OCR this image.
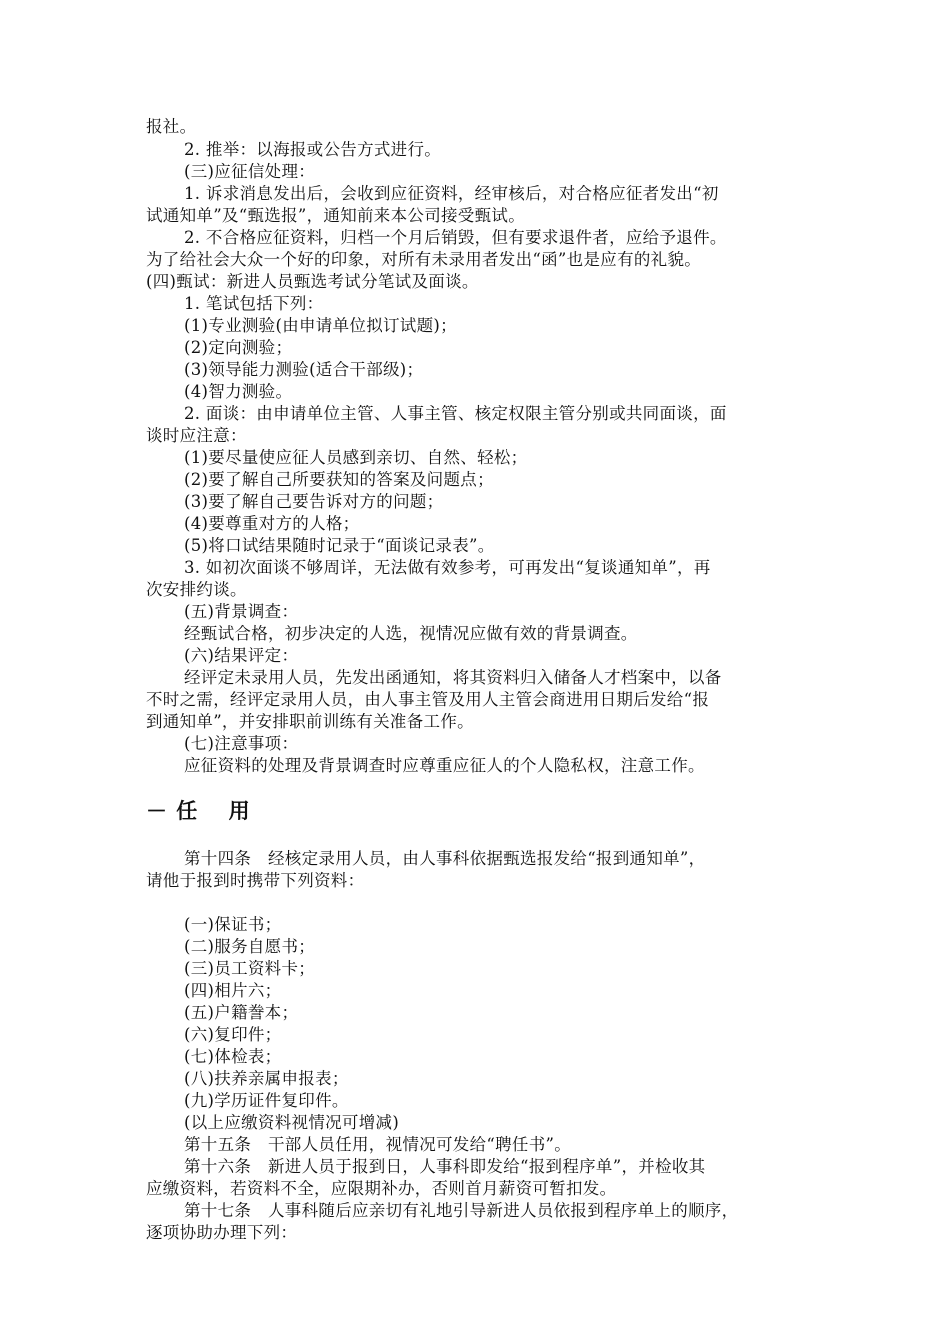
报社。
2. 推举：以海报或公告方式进行。
(三)应征信处理：
1. 诉求消息发出后，会收到应征资料，经审核后，对合格应征者发出“初
试通知单”及“甄选报”，通知前来本公司接受甄试。
2. 不合格应征资料，归档一个月后销毁，但有要求退件者，应给予退件。
为了给社会大众一个好的印象，对所有未录用者发出“函”也是应有的礼貌。
(四)甄试：新进人员甄选考试分笔试及面谈。
1. 笔试包括下列：
(1)专业测验(由申请单位拟订试题)；
(2)定向测验；
(3)领导能力测验(适合干部级)；
(4)智力测验。
2. 面谈：由申请单位主管、人事主管、核定权限主管分别或共同面谈，面
谈时应注意：
(1)要尽量使应征人员感到亲切、自然、轻松；
(2)要了解自己所要获知的答案及问题点；
(3)要了解自己要告诉对方的问题；
(4)要尊重对方的人格；
(5)将口试结果随时记录于“面谈记录表”。
3. 如初次面谈不够周详，无法做有效参考，可再发出“复谈通知单”，再
次安排约谈。
(五)背景调查：
经甄试合格，初步决定的人选，视情况应做有效的背景调查。
(六)结果评定：
经评定未录用人员，先发出函通知，将其资料归入储备人才档案中，以备
不时之需，经评定录用人员，由人事主管及用人主管会商进用日期后发给“报
到通知单”，并安排职前训练有关准备工作。
(七)注意事项：
应征资料的处理及背景调查时应尊重应征人的个人隐私权，注意工作。
－ 任　 用
第十四条　经核定录用人员，由人事科依据甄选报发给“报到通知单”，
请他于报到时携带下列资料：
(一)保证书；
(二)服务自愿书；
(三)员工资料卡；
(四)相片六；
(五)户籍誊本；
(六)复印件；
(七)体检表；
(八)扶养亲属申报表；
(九)学历证件复印件。
(以上应缴资料视情况可增减)
第十五条　干部人员任用，视情况可发给“聘任书”。
第十六条　新进人员于报到日，人事科即发给“报到程序单”，并检收其
应缴资料，若资料不全，应限期补办，否则首月薪资可暂扣发。
第十七条　人事科随后应亲切有礼地引导新进人员依报到程序单上的顺序，
逐项协助办理下列：
